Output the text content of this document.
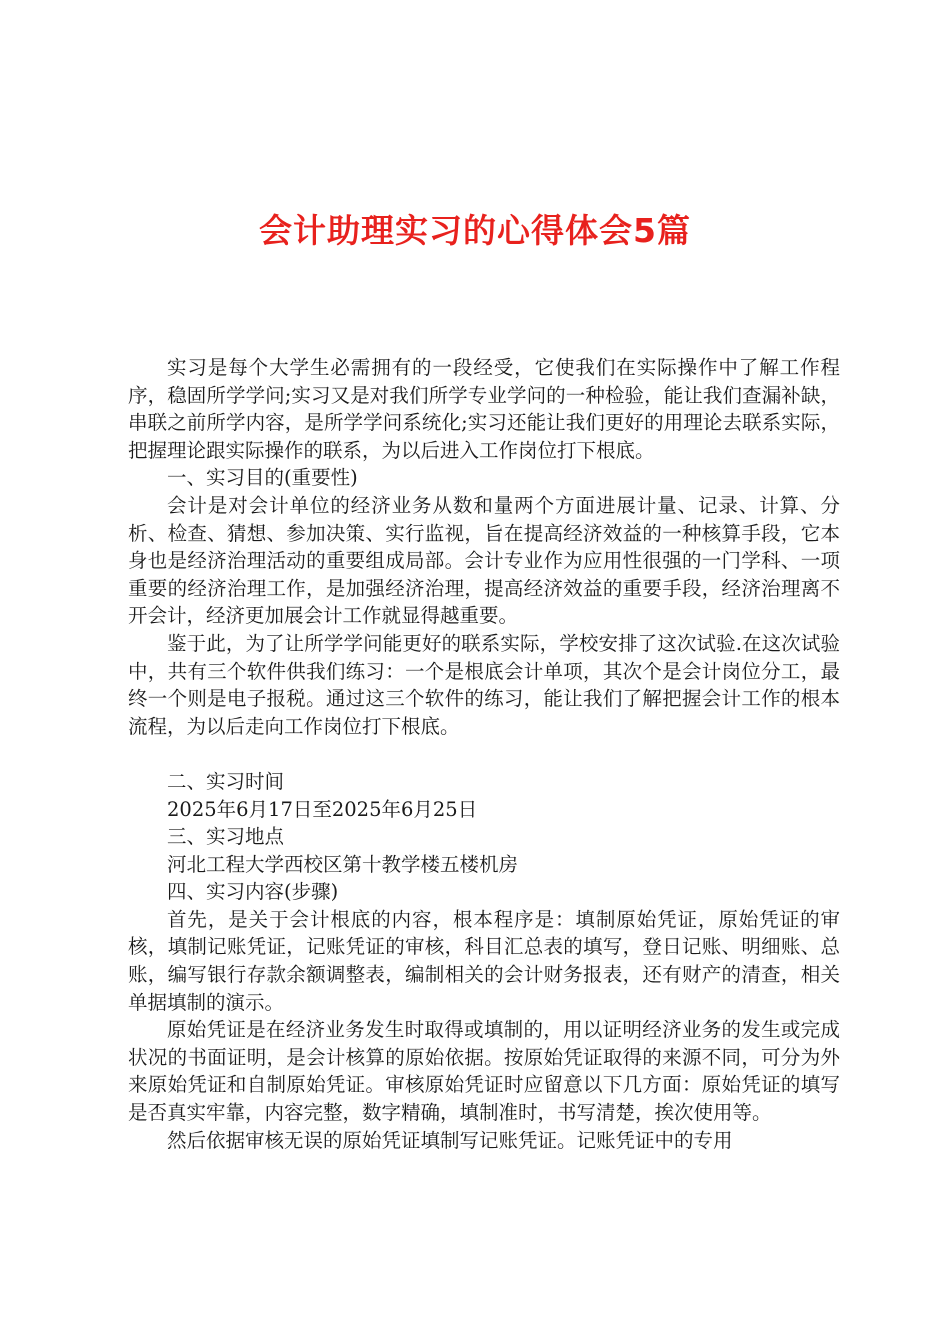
会计助理实习的心得体会5篇

实习是每个大学生必需拥有的一段经受，它使我们在实际操作中了解工作程序，稳固所学学问;实习又是对我们所学专业学问的一种检验，能让我们查漏补缺，串联之前所学内容，是所学学问系统化;实习还能让我们更好的用理论去联系实际，把握理论跟实际操作的联系，为以后进入工作岗位打下根底。

一、实习目的(重要性)

会计是对会计单位的经济业务从数和量两个方面进展计量、记录、计算、分析、检查、猜想、参加决策、实行监视，旨在提高经济效益的一种核算手段，它本身也是经济治理活动的重要组成局部。会计专业作为应用性很强的一门学科、一项重要的经济治理工作，是加强经济治理，提高经济效益的重要手段，经济治理离不开会计，经济更加展会计工作就显得越重要。

鉴于此，为了让所学学问能更好的联系实际，学校安排了这次试验.在这次试验中，共有三个软件供我们练习：一个是根底会计单项，其次个是会计岗位分工，最终一个则是电子报税。通过这三个软件的练习，能让我们了解把握会计工作的根本流程，为以后走向工作岗位打下根底。

二、实习时间

2025年6月17日至2025年6月25日

三、实习地点

河北工程大学西校区第十教学楼五楼机房

四、实习内容(步骤)

首先，是关于会计根底的内容，根本程序是：填制原始凭证，原始凭证的审核，填制记账凭证，记账凭证的审核，科目汇总表的填写，登日记账、明细账、总账，编写银行存款余额调整表，编制相关的会计财务报表，还有财产的清查，相关单据填制的演示。

原始凭证是在经济业务发生时取得或填制的，用以证明经济业务的发生或完成状况的书面证明，是会计核算的原始依据。按原始凭证取得的来源不同，可分为外来原始凭证和自制原始凭证。审核原始凭证时应留意以下几方面：原始凭证的填写是否真实牢靠，内容完整，数字精确，填制准时，书写清楚，挨次使用等。

然后依据审核无误的原始凭证填制写记账凭证。记账凭证中的专用
